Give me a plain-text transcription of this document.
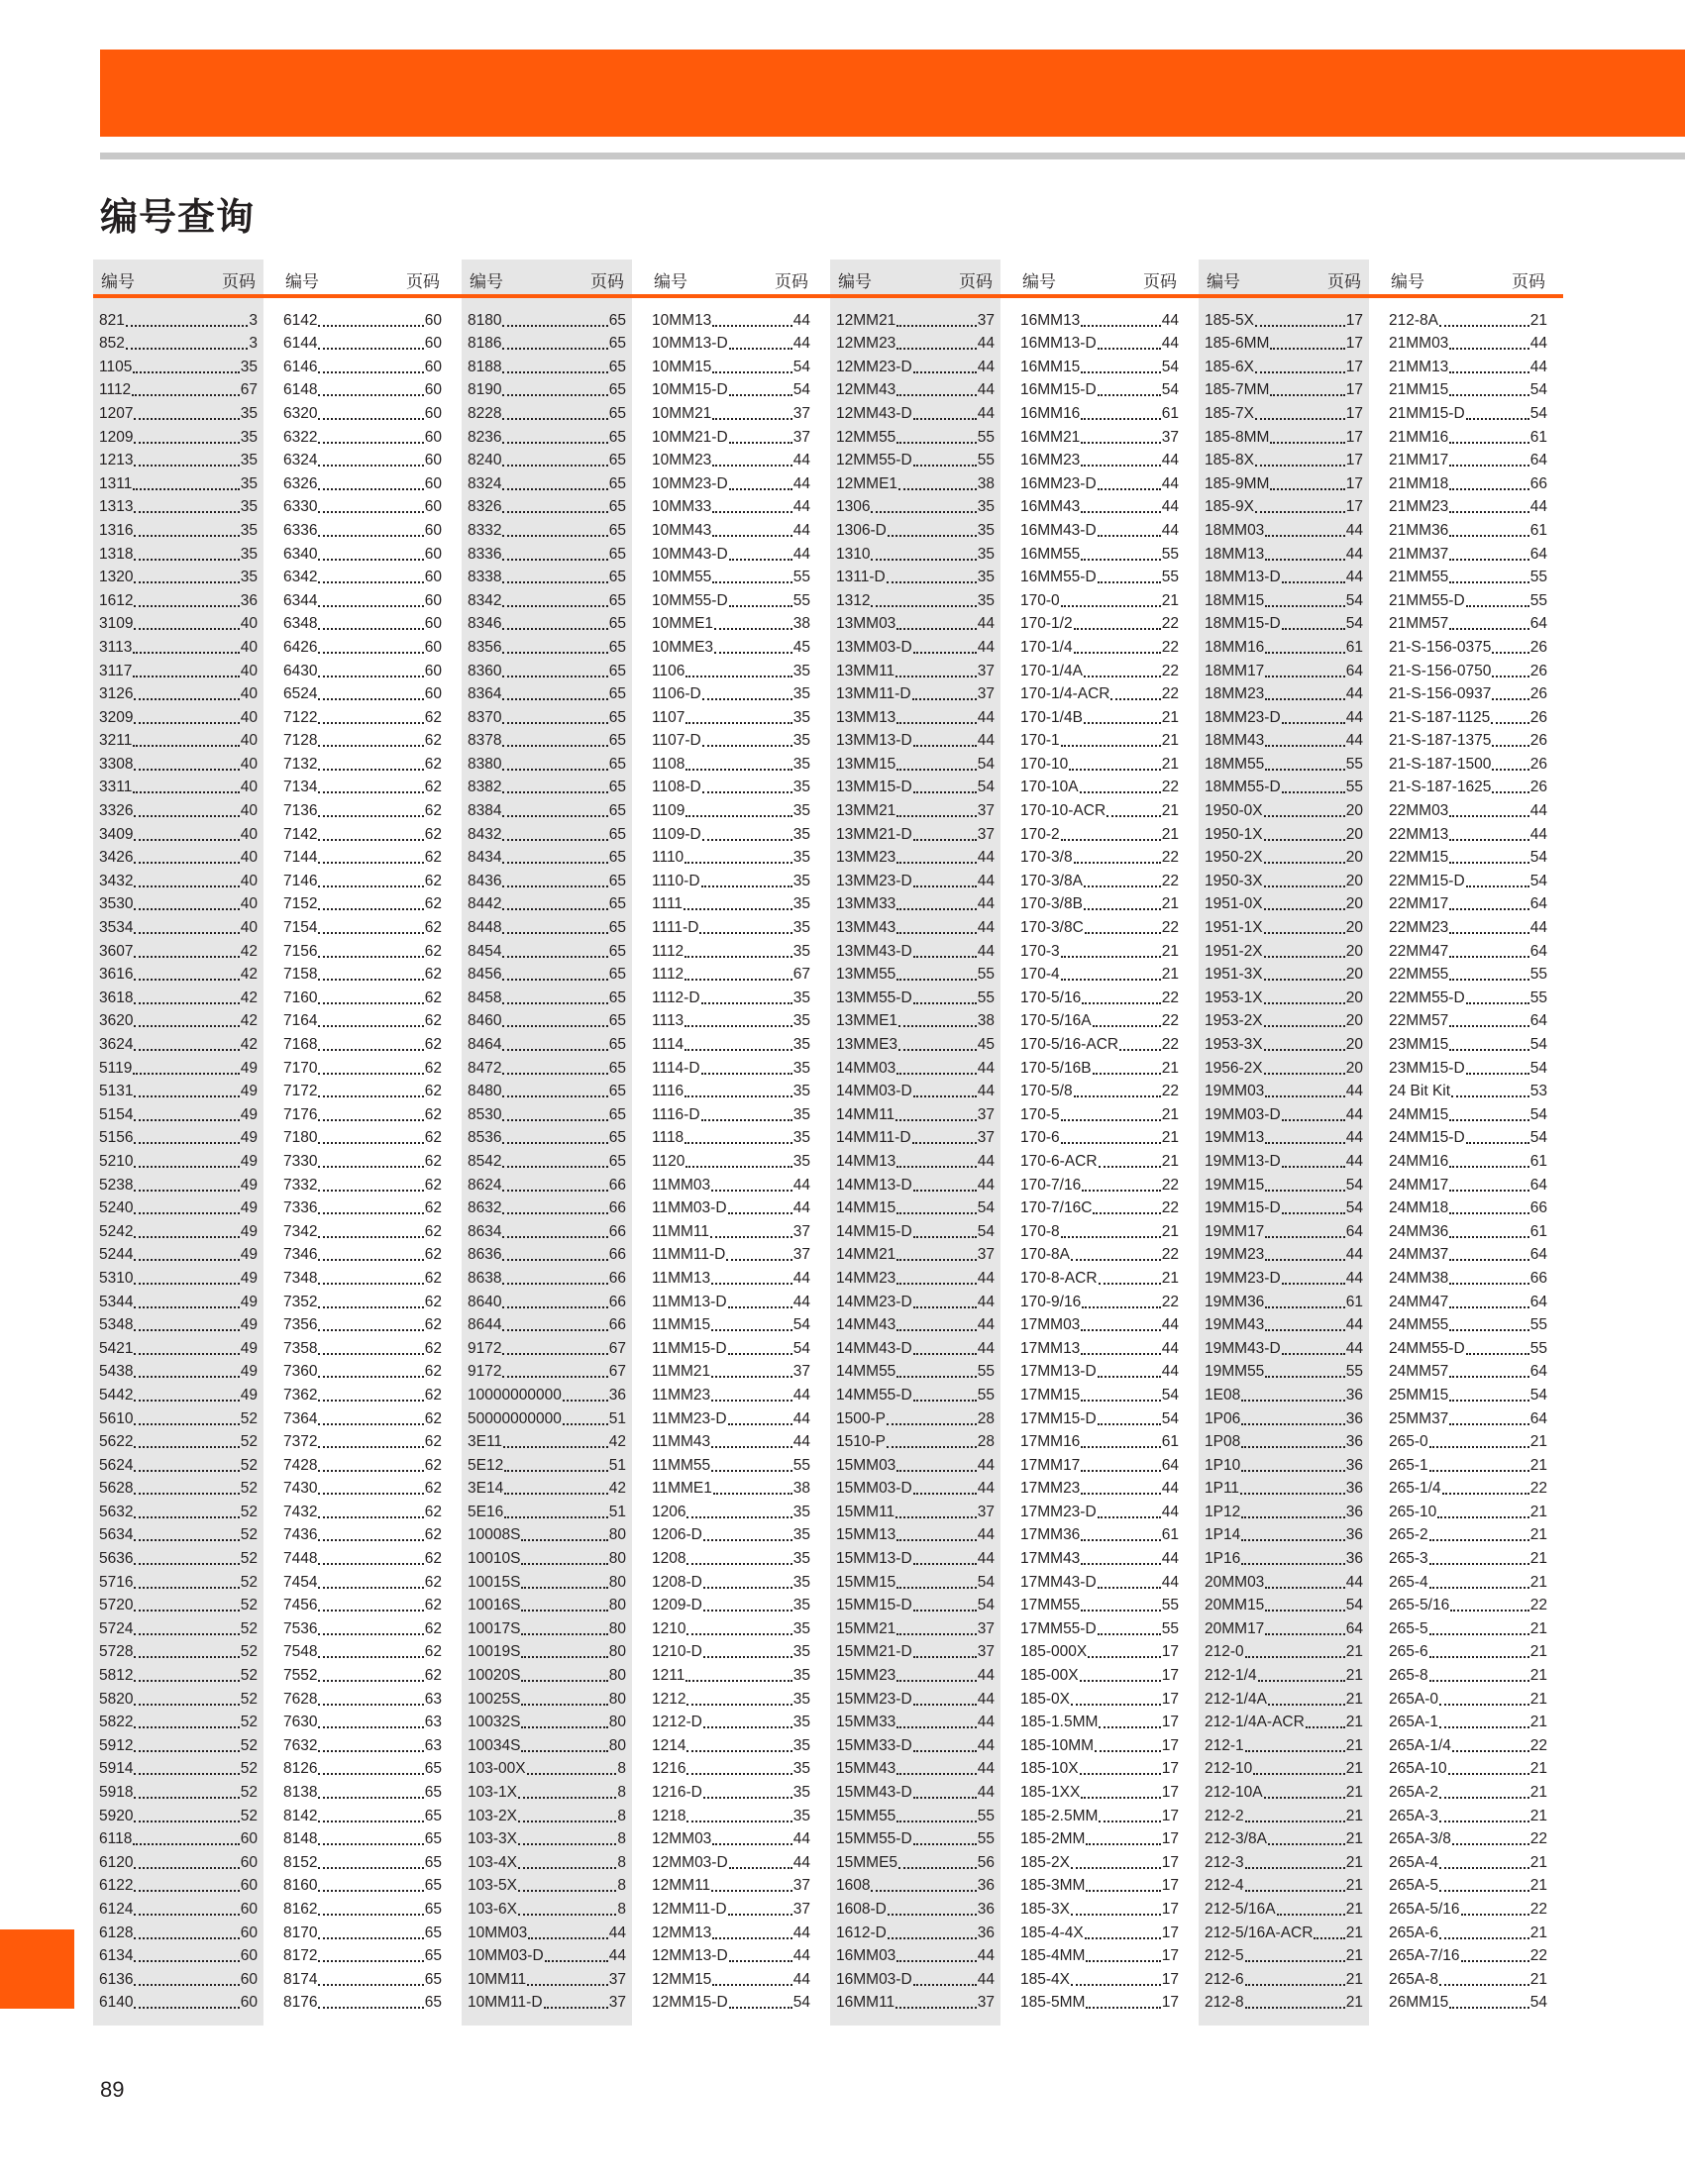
编号查询
编号	页码
821	3
852	3
1105	35
1112	67
1207	35
1209	35
1213	35
1311	35
1313	35
1316	35
1318	35
1320	35
1612	36
3109	40
3113	40
3117	40
3126	40
3209	40
3211	40
3308	40
3311	40
3326	40
3409	40
3426	40
3432	40
3530	40
3534	40
3607	42
3616	42
3618	42
3620	42
3624	42
5119	49
5131	49
5154	49
5156	49
5210	49
5238	49
5240	49
5242	49
5244	49
5310	49
5344	49
5348	49
5421	49
5438	49
5442	49
5610	52
5622	52
5624	52
5628	52
5632	52
5634	52
5636	52
5716	52
5720	52
5724	52
5728	52
5812	52
5820	52
5822	52
5912	52
5914	52
5918	52
5920	52
6118	60
6120	60
6122	60
6124	60
6128	60
6134	60
6136	60
6140	60
编号	页码
6142	60
6144	60
6146	60
6148	60
6320	60
6322	60
6324	60
6326	60
6330	60
6336	60
6340	60
6342	60
6344	60
6348	60
6426	60
6430	60
6524	60
7122	62
7128	62
7132	62
7134	62
7136	62
7142	62
7144	62
7146	62
7152	62
7154	62
7156	62
7158	62
7160	62
7164	62
7168	62
7170	62
7172	62
7176	62
7180	62
7330	62
7332	62
7336	62
7342	62
7346	62
7348	62
7352	62
7356	62
7358	62
7360	62
7362	62
7364	62
7372	62
7428	62
7430	62
7432	62
7436	62
7448	62
7454	62
7456	62
7536	62
7548	62
7552	62
7628	63
7630	63
7632	63
8126	65
8138	65
8142	65
8148	65
8152	65
8160	65
8162	65
8170	65
8172	65
8174	65
8176	65
编号	页码
8180	65
8186	65
8188	65
8190	65
8228	65
8236	65
8240	65
8324	65
8326	65
8332	65
8336	65
8338	65
8342	65
8346	65
8356	65
8360	65
8364	65
8370	65
8378	65
8380	65
8382	65
8384	65
8432	65
8434	65
8436	65
8442	65
8448	65
8454	65
8456	65
8458	65
8460	65
8464	65
8472	65
8480	65
8530	65
8536	65
8542	65
8624	66
8632	66
8634	66
8636	66
8638	66
8640	66
8644	66
9172	67
9172	67
10000000000	36
50000000000	51
3E11	42
5E12	51
3E14	42
5E16	51
10008S	80
10010S	80
10015S	80
10016S	80
10017S	80
10019S	80
10020S	80
10025S	80
10032S	80
10034S	80
103-00X	8
103-1X	8
103-2X	8
103-3X	8
103-4X	8
103-5X	8
103-6X	8
10MM03	44
10MM03-D	44
10MM11	37
10MM11-D	37
编号	页码
10MM13	44
10MM13-D	44
10MM15	54
10MM15-D	54
10MM21	37
10MM21-D	37
10MM23	44
10MM23-D	44
10MM33	44
10MM43	44
10MM43-D	44
10MM55	55
10MM55-D	55
10MME1	38
10MME3	45
1106	35
1106-D	35
1107	35
1107-D	35
1108	35
1108-D	35
1109	35
1109-D	35
1110	35
1110-D	35
1111	35
1111-D	35
1112	35
1112	67
1112-D	35
1113	35
1114	35
1114-D	35
1116	35
1116-D	35
1118	35
1120	35
11MM03	44
11MM03-D	44
11MM11	37
11MM11-D	37
11MM13	44
11MM13-D	44
11MM15	54
11MM15-D	54
11MM21	37
11MM23	44
11MM23-D	44
11MM43	44
11MM55	55
11MME1	38
1206	35
1206-D	35
1208	35
1208-D	35
1209-D	35
1210	35
1210-D	35
1211	35
1212	35
1212-D	35
1214	35
1216	35
1216-D	35
1218	35
12MM03	44
12MM03-D	44
12MM11	37
12MM11-D	37
12MM13	44
12MM13-D	44
12MM15	44
12MM15-D	54
编号	页码
12MM21	37
12MM23	44
12MM23-D	44
12MM43	44
12MM43-D	44
12MM55	55
12MM55-D	55
12MME1	38
1306	35
1306-D	35
1310	35
1311-D	35
1312	35
13MM03	44
13MM03-D	44
13MM11	37
13MM11-D	37
13MM13	44
13MM13-D	44
13MM15	54
13MM15-D	54
13MM21	37
13MM21-D	37
13MM23	44
13MM23-D	44
13MM33	44
13MM43	44
13MM43-D	44
13MM55	55
13MM55-D	55
13MME1	38
13MME3	45
14MM03	44
14MM03-D	44
14MM11	37
14MM11-D	37
14MM13	44
14MM13-D	44
14MM15	54
14MM15-D	54
14MM21	37
14MM23	44
14MM23-D	44
14MM43	44
14MM43-D	44
14MM55	55
14MM55-D	55
1500-P	28
1510-P	28
15MM03	44
15MM03-D	44
15MM11	37
15MM13	44
15MM13-D	44
15MM15	54
15MM15-D	54
15MM21	37
15MM21-D	37
15MM23	44
15MM23-D	44
15MM33	44
15MM33-D	44
15MM43	44
15MM43-D	44
15MM55	55
15MM55-D	55
15MME5	56
1608	36
1608-D	36
1612-D	36
16MM03	44
16MM03-D	44
16MM11	37
编号	页码
16MM13	44
16MM13-D	44
16MM15	54
16MM15-D	54
16MM16	61
16MM21	37
16MM23	44
16MM23-D	44
16MM43	44
16MM43-D	44
16MM55	55
16MM55-D	55
170-0	21
170-1/2	22
170-1/4	22
170-1/4A	22
170-1/4-ACR	22
170-1/4B	21
170-1	21
170-10	21
170-10A	22
170-10-ACR	21
170-2	21
170-3/8	22
170-3/8A	22
170-3/8B	21
170-3/8C	22
170-3	21
170-4	21
170-5/16	22
170-5/16A	22
170-5/16-ACR	22
170-5/16B	21
170-5/8	22
170-5	21
170-6	21
170-6-ACR	21
170-7/16	22
170-7/16C	22
170-8	21
170-8A	22
170-8-ACR	21
170-9/16	22
17MM03	44
17MM13	44
17MM13-D	44
17MM15	54
17MM15-D	54
17MM16	61
17MM17	64
17MM23	44
17MM23-D	44
17MM36	61
17MM43	44
17MM43-D	44
17MM55	55
17MM55-D	55
185-000X	17
185-00X	17
185-0X	17
185-1.5MM	17
185-10MM	17
185-10X	17
185-1XX	17
185-2.5MM	17
185-2MM	17
185-2X	17
185-3MM	17
185-3X	17
185-4-4X	17
185-4MM	17
185-4X	17
185-5MM	17
编号	页码
185-5X	17
185-6MM	17
185-6X	17
185-7MM	17
185-7X	17
185-8MM	17
185-8X	17
185-9MM	17
185-9X	17
18MM03	44
18MM13	44
18MM13-D	44
18MM15	54
18MM15-D	54
18MM16	61
18MM17	64
18MM23	44
18MM23-D	44
18MM43	44
18MM55	55
18MM55-D	55
1950-0X	20
1950-1X	20
1950-2X	20
1950-3X	20
1951-0X	20
1951-1X	20
1951-2X	20
1951-3X	20
1953-1X	20
1953-2X	20
1953-3X	20
1956-2X	20
19MM03	44
19MM03-D	44
19MM13	44
19MM13-D	44
19MM15	54
19MM15-D	54
19MM17	64
19MM23	44
19MM23-D	44
19MM36	61
19MM43	44
19MM43-D	44
19MM55	55
1E08	36
1P06	36
1P08	36
1P10	36
1P11	36
1P12	36
1P14	36
1P16	36
20MM03	44
20MM15	54
20MM17	64
212-0	21
212-1/4	21
212-1/4A	21
212-1/4A-ACR	21
212-1	21
212-10	21
212-10A	21
212-2	21
212-3/8A	21
212-3	21
212-4	21
212-5/16A	21
212-5/16A-ACR 21
212-5	21
212-6	21
212-8	21
编号	页码
212-8A	21
21MM03	44
21MM13	44
21MM15	54
21MM15-D	54
21MM16	61
21MM17	64
21MM18	66
21MM23	44
21MM36	61
21MM37	64
21MM55	55
21MM55-D	55
21MM57	64
21-S-156-0375	26
21-S-156-0750	26
21-S-156-0937	26
21-S-187-1125	26
21-S-187-1375	26
21-S-187-1500	26
21-S-187-1625	26
22MM03	44
22MM13	44
22MM15	54
22MM15-D	54
22MM17	64
22MM23	44
22MM47	64
22MM55	55
22MM55-D	55
22MM57	64
23MM15	54
23MM15-D	54
24 Bit Kit	53
24MM15	54
24MM15-D	54
24MM16	61
24MM17	64
24MM18	66
24MM36	61
24MM37	64
24MM38	66
24MM47	64
24MM55	55
24MM55-D	55
24MM57	64
25MM15	54
25MM37	64
265-0	21
265-1	21
265-1/4	22
265-10	21
265-2	21
265-3	21
265-4	21
265-5/16	22
265-5	21
265-6	21
265-8	21
265A-0	21
265A-1	21
265A-1/4	22
265A-10	21
265A-2	21
265A-3	21
265A-3/8	22
265A-4	21
265A-5	21
265A-5/16	22
265A-6	21
265A-7/16	22
265A-8	21
26MM15	54
89
